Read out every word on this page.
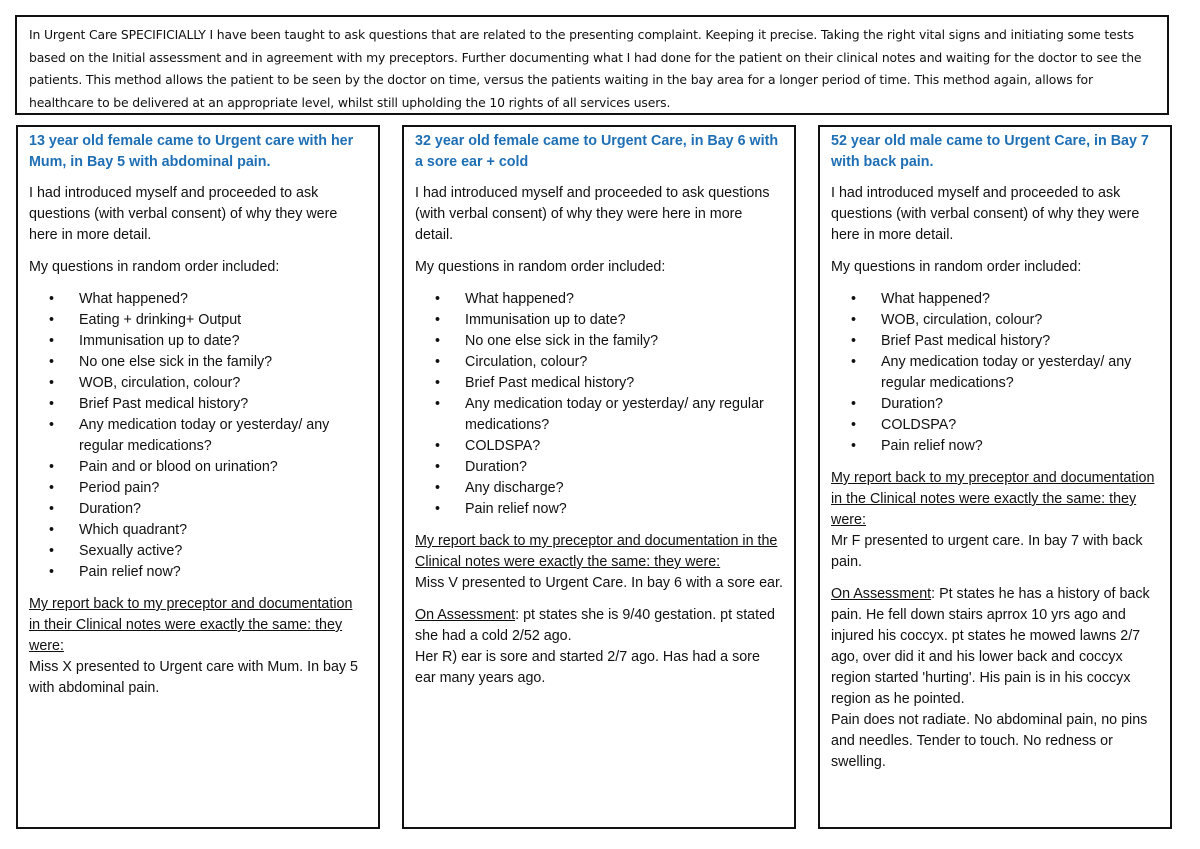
In Urgent Care SPECIFICIALLY I have been taught to ask questions that are related to the presenting complaint. Keeping it precise. Taking the right vital signs and initiating some tests based on the Initial assessment and in agreement with my preceptors. Further documenting what I had done for the patient on their clinical notes and waiting for the doctor to see the patients. This method allows the patient to be seen by the doctor on time, versus the patients waiting in the bay area for a longer period of time. This method again, allows for healthcare to be delivered at an appropriate level, whilst still upholding the 10 rights of all services users.

13 year old female came to Urgent care with her Mum, in Bay 5 with abdominal pain.

I had introduced myself and proceeded to ask questions (with verbal consent) of why they were here in more detail.

My questions in random order included:

• What happened?
• Eating + drinking+ Output
• Immunisation up to date?
• No one else sick in the family?
• WOB, circulation, colour?
• Brief Past medical history?
• Any medication today or yesterday/ any regular medications?
• Pain and or blood on urination?
• Period pain?
• Duration?
• Which quadrant?
• Sexually active?
• Pain relief now?

My report back to my preceptor and documentation in their Clinical notes were exactly the same: they were:

Miss X presented to Urgent care with Mum. In bay 5 with abdominal pain.

32 year old female came to Urgent Care, in Bay 6 with a sore ear + cold

I had introduced myself and proceeded to ask questions (with verbal consent) of why they were here in more detail.

My questions in random order included:

• What happened?
• Immunisation up to date?
• No one else sick in the family?
• Circulation, colour?
• Brief Past medical history?
• Any medication today or yesterday/ any regular medications?
• COLDSPA?
• Duration?
• Any discharge?
• Pain relief now?

My report back to my preceptor and documentation in the Clinical notes were exactly the same: they were:

Miss V presented to Urgent Care. In bay 6 with a sore ear.

On Assessment: pt states she is 9/40 gestation. pt stated she had a cold 2/52 ago.

Her R) ear is sore and started 2/7 ago. Has had a sore ear many years ago.

52 year old male came to Urgent Care, in Bay 7 with back pain.

I had introduced myself and proceeded to ask questions (with verbal consent) of why they were here in more detail.

My questions in random order included:

• What happened?
• WOB, circulation, colour?
• Brief Past medical history?
• Any medication today or yesterday/ any regular medications?
• Duration?
• COLDSPA?
• Pain relief now?

My report back to my preceptor and documentation in the Clinical notes were exactly the same: they were:

Mr F presented to urgent care. In bay 7 with back pain.

On Assessment: Pt states he has a history of back pain. He fell down stairs aprrox 10 yrs ago and injured his coccyx. pt states he mowed lawns 2/7 ago, over did it and his lower back and coccyx region started 'hurting'. His pain is in his coccyx region as he pointed.

Pain does not radiate. No abdominal pain, no pins and needles. Tender to touch. No redness or swelling.
